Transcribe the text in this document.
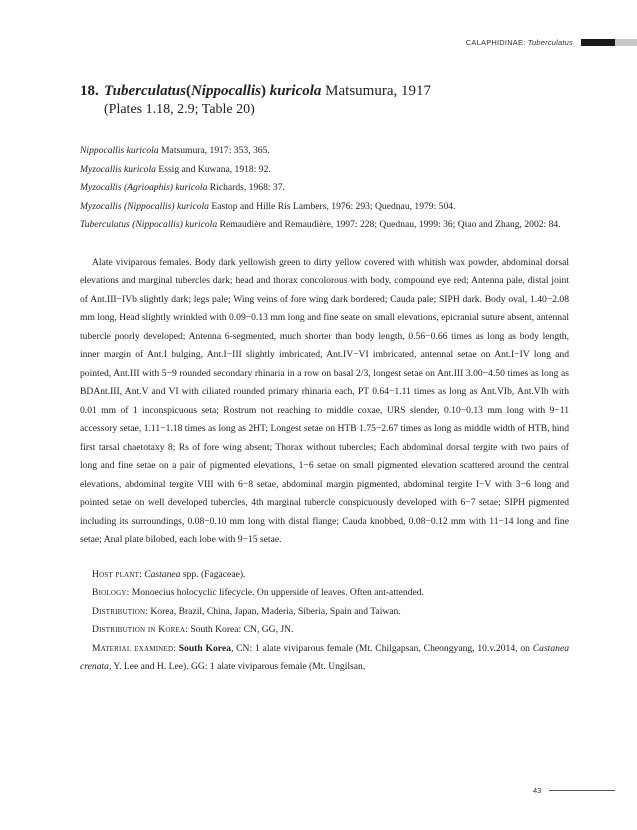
CALAPHIDINAE: Tuberculatus

18. Tuberculatus(Nippocallis) kuricola Matsumura, 1917

(Plates 1.18, 2.9; Table 20)

Nippocallis kuricola Matsumura, 1917: 353, 365.
Myzocallis kuricola Essig and Kuwana, 1918: 92.
Myzocallis (Agrioaphis) kuricola Richards, 1968: 37.
Myzocallis (Nippocallis) kuricola Eastop and Hille Ris Lambers, 1976: 293; Quednau, 1979: 504.
Tuberculatus (Nippocallis) kuricola Remaudière and Remaudière, 1997: 228; Quednau, 1999: 36; Qiao and Zhang, 2002: 84.

Alate viviparous females. Body dark yellowish green to dirty yellow covered with whitish wax powder, abdominal dorsal elevations and marginal tubercles dark; head and thorax concolorous with body, compound eye red; Antenna pale, distal joint of Ant.III−IVb slightly dark; legs pale; Wing veins of fore wing dark bordered; Cauda pale; SIPH dark. Body oval, 1.40−2.08 mm long, Head slightly wrinkled with 0.09−0.13 mm long and fine seate on small elevations, epicranial suture absent, antennal tubercle poorly developed; Antenna 6-segmented, much shorter than body length, 0.56−0.66 times as long as body length, inner margin of Ant.I bulging, Ant.I−III slightly imbricated, Ant.IV−VI imbricated, antennal setae on Ant.I−IV long and pointed, Ant.III with 5−9 rounded secondary rhinaria in a row on basal 2/3, longest setae on Ant.III 3.00−4.50 times as long as BDAnt.III, Ant.V and VI with ciliated rounded primary rhinaria each, PT 0.64−1.11 times as long as Ant.VIb, Ant.VIb with 0.01 mm of 1 inconspicuous seta; Rostrum not reaching to middle coxae, URS slender, 0.10−0.13 mm long with 9−11 accessory setae, 1.11−1.18 times as long as 2HT; Longest setae on HTB 1.75−2.67 times as long as middle width of HTB, hind first tarsal chaetotaxy 8; Rs of fore wing absent; Thorax without tubercles; Each abdominal dorsal tergite with two pairs of long and fine setae on a pair of pigmented elevations, 1−6 setae on small pigmented elevation scattered around the central elevations, abdominal tergite VIII with 6−8 setae, abdominal margin pigmented, abdominal tergite I−V with 3−6 long and pointed setae on well developed tubercles, 4th marginal tubercle conspicuously developed with 6−7 setae; SIPH pigmented including its surroundings, 0.08−0.10 mm long with distal flange; Cauda knobbed, 0.08−0.12 mm with 11−14 long and fine setae; Anal plate bilobed, each lobe with 9−15 setae.

Host plant: Castanea spp. (Fagaceae).
Biology: Monoecius holocyclic lifecycle. On upperside of leaves. Often ant-attended.
Distribution: Korea, Brazil, China, Japan, Maderia, Siberia, Spain and Taiwan.
Distribution in Korea: South Korea: CN, GG, JN.
Material examined: South Korea, CN: 1 alate viviparous female (Mt. Chilgapsan, Cheongyang, 10.v.2014, on Castanea crenata, Y. Lee and H. Lee). GG: 1 alate viviparous female (Mt. Ungilsan,
43
